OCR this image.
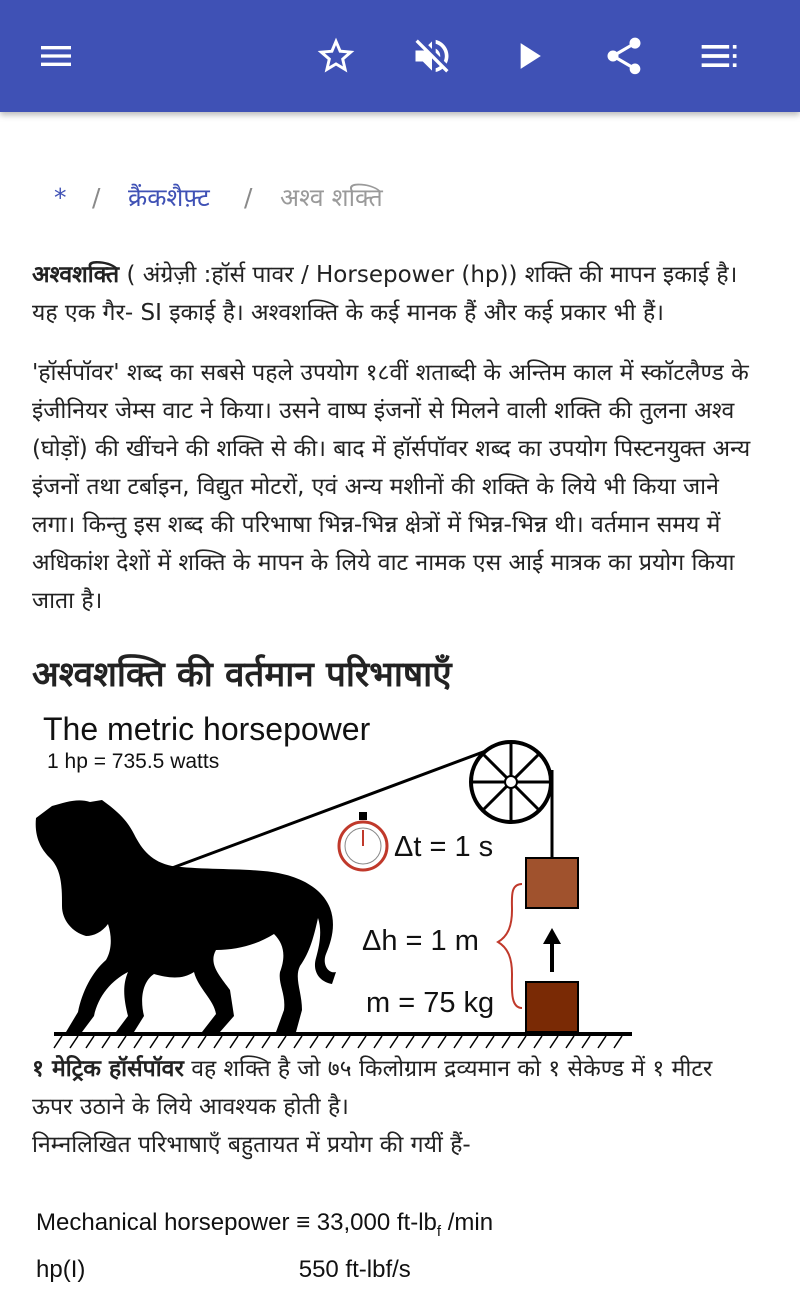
* / क्रैंकशैफ़्ट / अश्व शक्ति

अश्वशक्ति ( अंग्रेज़ी :हॉर्स पावर / Horsepower (hp)) शक्ति की मापन इकाई है। यह एक गैर- SI इकाई है। अश्वशक्ति के कई मानक हैं और कई प्रकार भी हैं।

'हॉर्सपॉवर' शब्द का सबसे पहले उपयोग १८वीं शताब्दी के अन्तिम काल में स्कॉटलैण्ड के इंजीनियर जेम्स वाट ने किया। उसने वाष्प इंजनों से मिलने वाली शक्ति की तुलना अश्व (घोड़ों) की खींचने की शक्ति से की। बाद में हॉर्सपॉवर शब्द का उपयोग पिस्टनयुक्त अन्य इंजनों तथा टर्बाइन, विद्युत मोटरों, एवं अन्य मशीनों की शक्ति के लिये भी किया जाने लगा। किन्तु इस शब्द की परिभाषा भिन्न-भिन्न क्षेत्रों में भिन्न-भिन्न थी। वर्तमान समय में अधिकांश देशों में शक्ति के मापन के लिये वाट नामक एस आई मात्रक का प्रयोग किया जाता है।

अश्वशक्ति की वर्तमान परिभाषाएँ
The metric horsepower
1 hp = 735.5 watts
Δt = 1 s
Δh = 1 m
m = 75 kg

१ मेट्रिक हॉर्सपॉवर वह शक्ति है जो ७५ किलोग्राम द्रव्यमान को १ सेकेण्ड में १ मीटर ऊपर उठाने के लिये आवश्यक होती है।

निम्नलिखित परिभाषाएँ बहुतायत में प्रयोग की गयीं हैं-

Mechanical horsepower ≡ 33,000 $ft-lb_f$ /min
hp(I)                                550 ft-lbf/s
